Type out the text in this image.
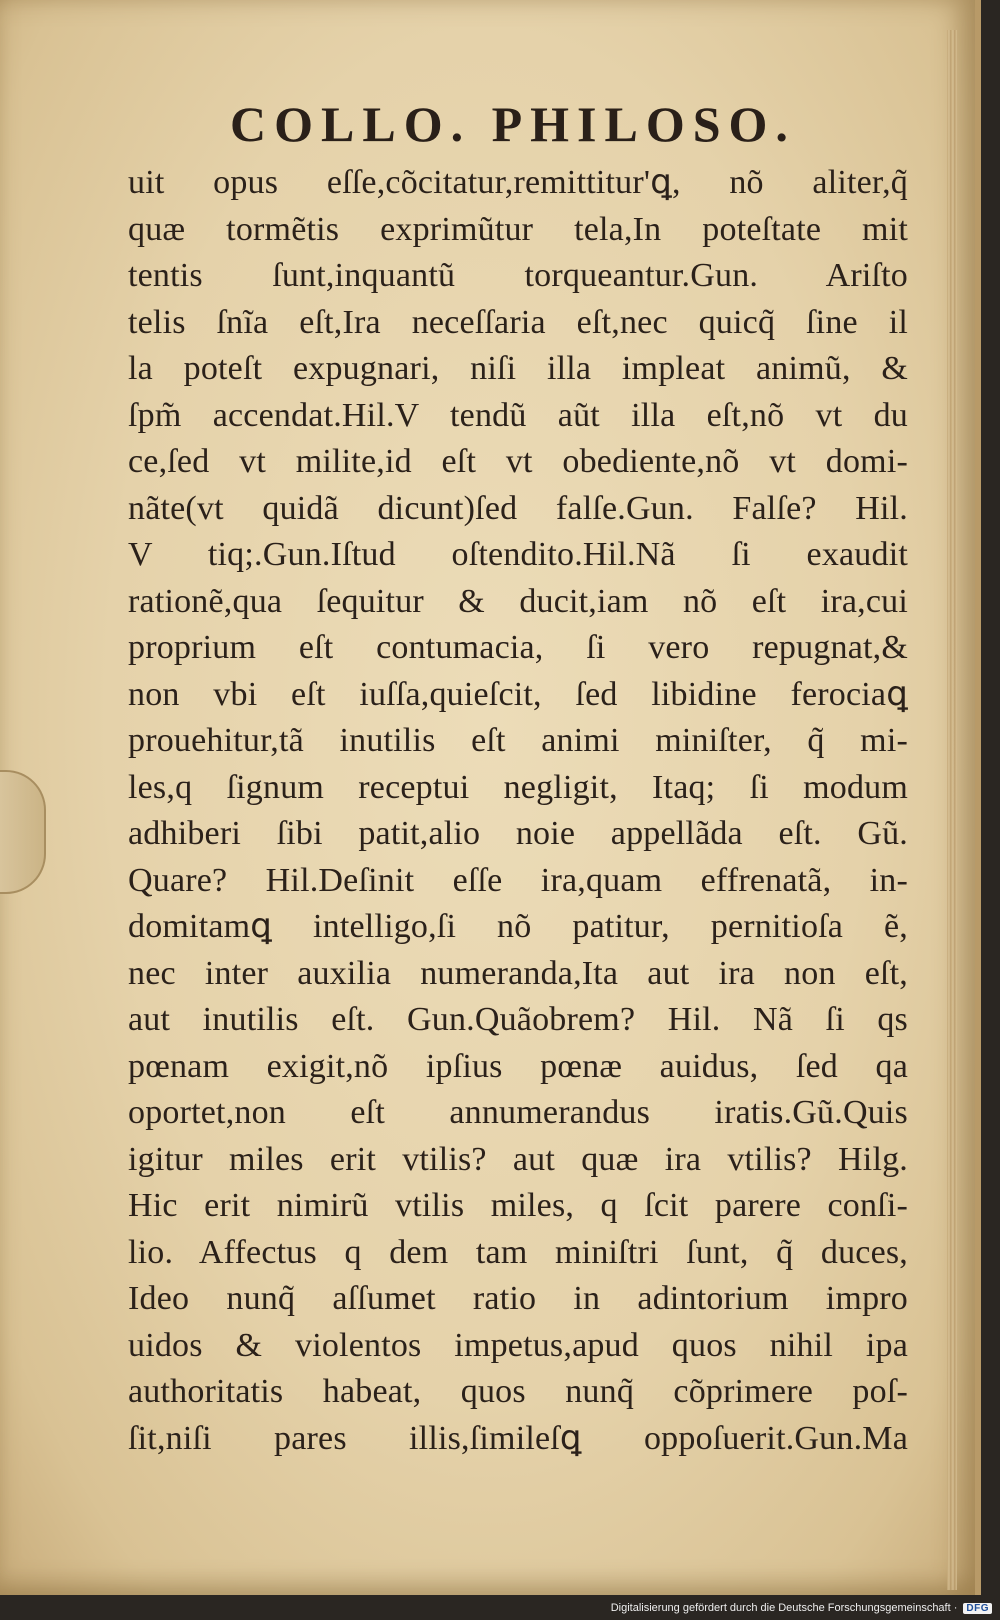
COLLO. PHILOSO.
uit opus eſſe,cõcitatur,remittitur'ꝗ, nõ aliter,q̃
quæ tormẽtis exprimũtur tela,In poteſtate mit
tentis ſunt,inquantũ torqueantur.Gun. Ariſto
telis ſnĩa eſt,Ira neceſſaria eſt,nec quicq̃ ſine il
la poteſt expugnari, niſi illa impleat animũ, &
ſpm̃ accendat.Hil.V tendũ aũt illa eſt,nõ vt du
ce,ſed vt milite,id eſt vt obediente,nõ vt domi-
nãte(vt quidã dicunt)ſed falſe.Gun. Falſe? Hil.
V tiq;.Gun.Iſtud oſtendito.Hil.Nã ſi exaudit
rationẽ,qua ſequitur & ducit,iam nõ eſt ira,cui
proprium eſt contumacia, ſi vero repugnat,&
non vbi eſt iuſſa,quieſcit, ſed libidine ferociaꝗ
prouehitur,tã inutilis eſt animi miniſter, q̃ mi-
les,q ſignum receptui negligit, Itaq; ſi modum
adhiberi ſibi patit,alio noie appellãda eſt. Gũ.
Quare? Hil.Deſinit eſſe ira,quam effrenatã, in-
domitamꝗ intelligo,ſi nõ patitur, pernitioſa ẽ,
nec inter auxilia numeranda,Ita aut ira non eſt,
aut inutilis eſt. Gun.Quãobrem? Hil. Nã ſi qs
pœnam exigit,nõ ipſius pœnæ auidus, ſed qa
oportet,non eſt annumerandus iratis.Gũ.Quis
igitur miles erit vtilis? aut quæ ira vtilis? Hilg.
Hic erit nimirũ vtilis miles, q ſcit parere conſi-
lio. Affectus q dem tam miniſtri ſunt, q̃ duces,
Ideo nunq̃ aſſumet ratio in adintorium impro
uidos & violentos impetus,apud quos nihil ipa
authoritatis habeat, quos nunq̃ cõprimere poſ-
ſit,niſi pares illis,ſimileſꝗ oppoſuerit.Gun.Ma
Digitalisierung gefördert durch die Deutsche Forschungsgemeinschaft · DFG
